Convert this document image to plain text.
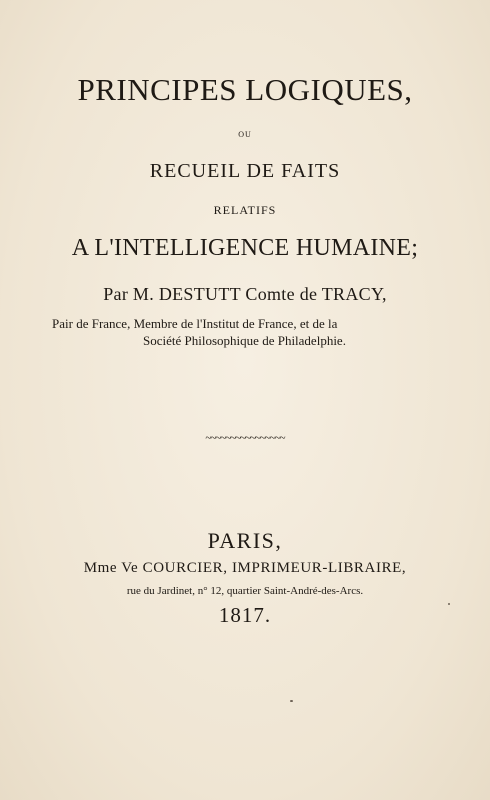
PRINCIPES LOGIQUES,
ou
RECUEIL DE FAITS
RELATIFS
A L'INTELLIGENCE HUMAINE;
Par M. DESTUTT Comte de TRACY,
Pair de France, Membre de l'Institut de France, et de la
Société Philosophique de Philadelphie.
~~~~~~~~~~~~~~~~
PARIS,
Mme Ve COURCIER, IMPRIMEUR-LIBRAIRE,
rue du Jardinet, n° 12, quartier Saint-André-des-Arcs.
1817.
